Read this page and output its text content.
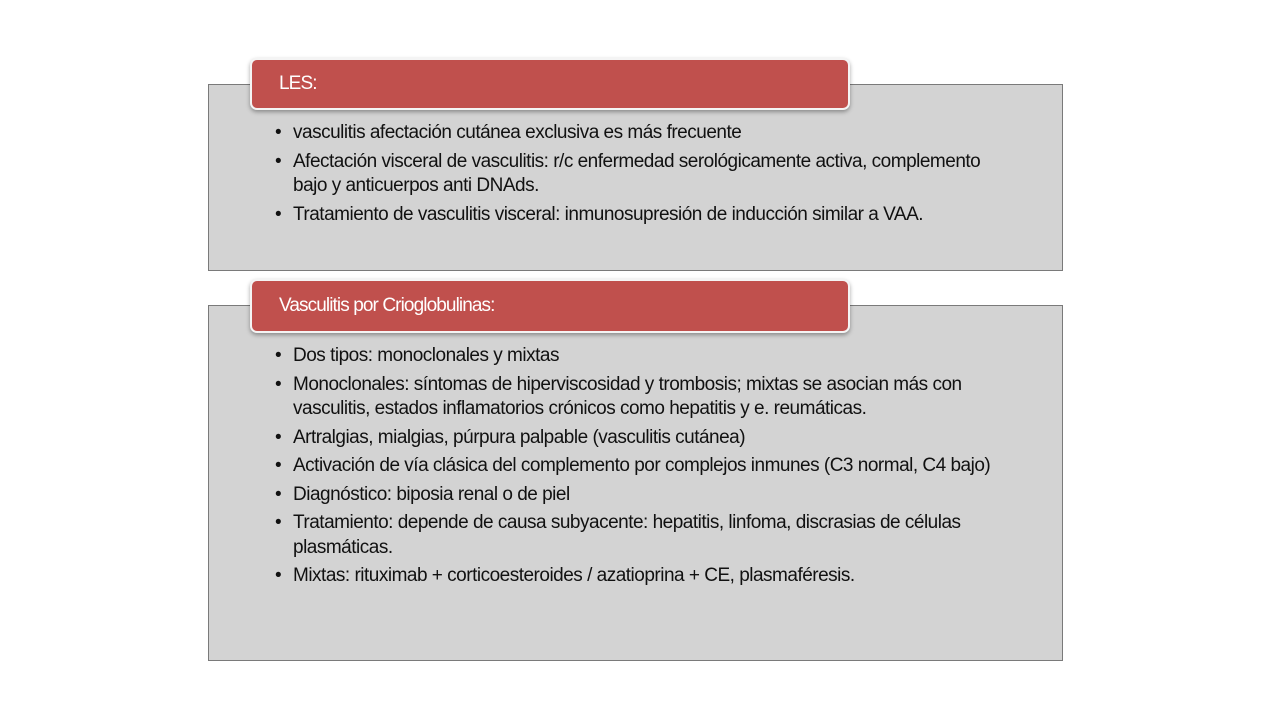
LES:
• vasculitis afectación cutánea exclusiva es más frecuente
• Afectación visceral de vasculitis: r/c enfermedad serológicamente activa, complemento bajo y anticuerpos anti DNAds.
• Tratamiento de vasculitis visceral: inmunosupresión de inducción similar a VAA.
Vasculitis por Crioglobulinas:
• Dos tipos: monoclonales y mixtas
• Monoclonales: síntomas de hiperviscosidad y trombosis; mixtas se asocian más con vasculitis, estados inflamatorios crónicos como hepatitis y e. reumáticas.
• Artralgias, mialgias, púrpura palpable (vasculitis cutánea)
• Activación de vía clásica del complemento por complejos inmunes (C3 normal, C4 bajo)
• Diagnóstico: biposia renal o de piel
• Tratamiento: depende de causa subyacente: hepatitis, linfoma, discrasias de células plasmáticas.
• Mixtas: rituximab + corticoesteroides / azatioprina + CE, plasmaféresis.
